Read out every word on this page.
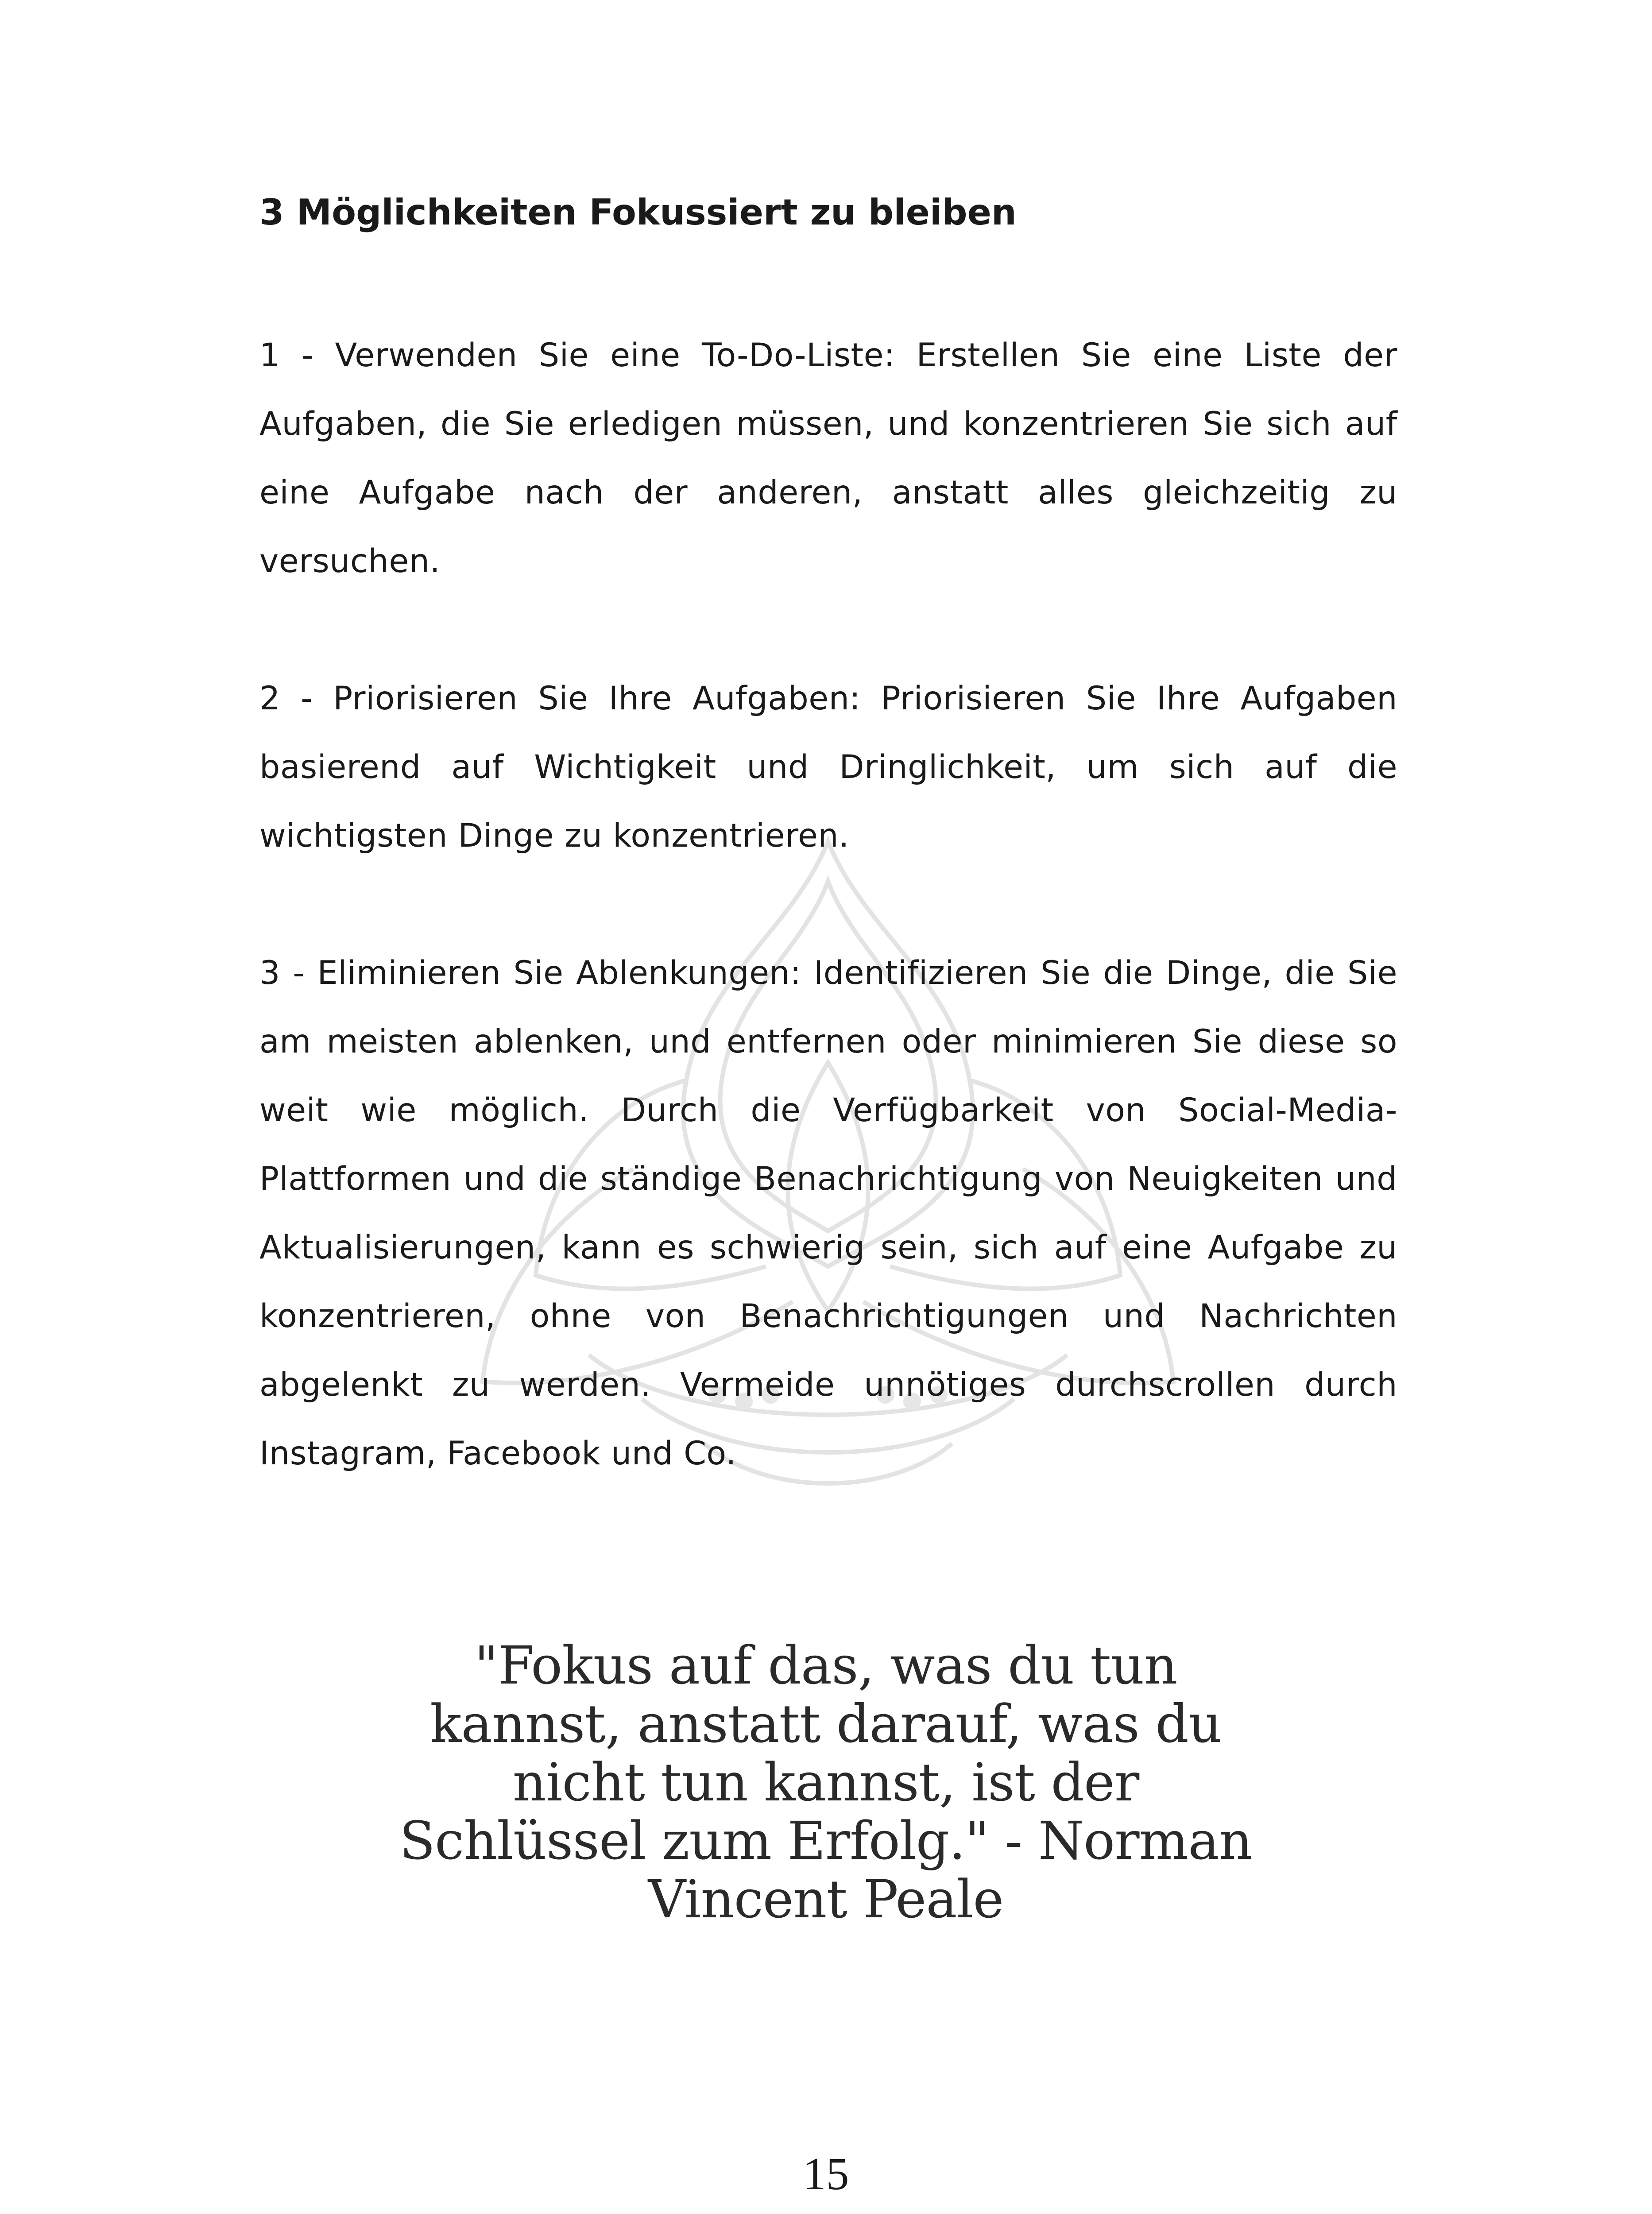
3 Möglichkeiten Fokussiert zu bleiben

1 - Verwenden Sie eine To-Do-Liste: Erstellen Sie eine Liste der Aufgaben, die Sie erledigen müssen, und konzentrieren Sie sich auf eine Aufgabe nach der anderen, anstatt alles gleichzeitig zu versuchen.

2 - Priorisieren Sie Ihre Aufgaben: Priorisieren Sie Ihre Aufgaben basierend auf Wichtigkeit und Dringlichkeit, um sich auf die wichtigsten Dinge zu konzentrieren.

3 - Eliminieren Sie Ablenkungen: Identifizieren Sie die Dinge, die Sie am meisten ablenken, und entfernen oder minimieren Sie diese so weit wie möglich. Durch die Verfügbarkeit von Social-Media-Plattformen und die ständige Benachrichtigung von Neuigkeiten und Aktualisierungen, kann es schwierig sein, sich auf eine Aufgabe zu konzentrieren, ohne von Benachrichtigungen und Nachrichten abgelenkt zu werden. Vermeide unnötiges durchscrollen durch Instagram, Facebook und Co.

"Fokus auf das, was du tun kannst, anstatt darauf, was du nicht tun kannst, ist der Schlüssel zum Erfolg." - Norman Vincent Peale

15
